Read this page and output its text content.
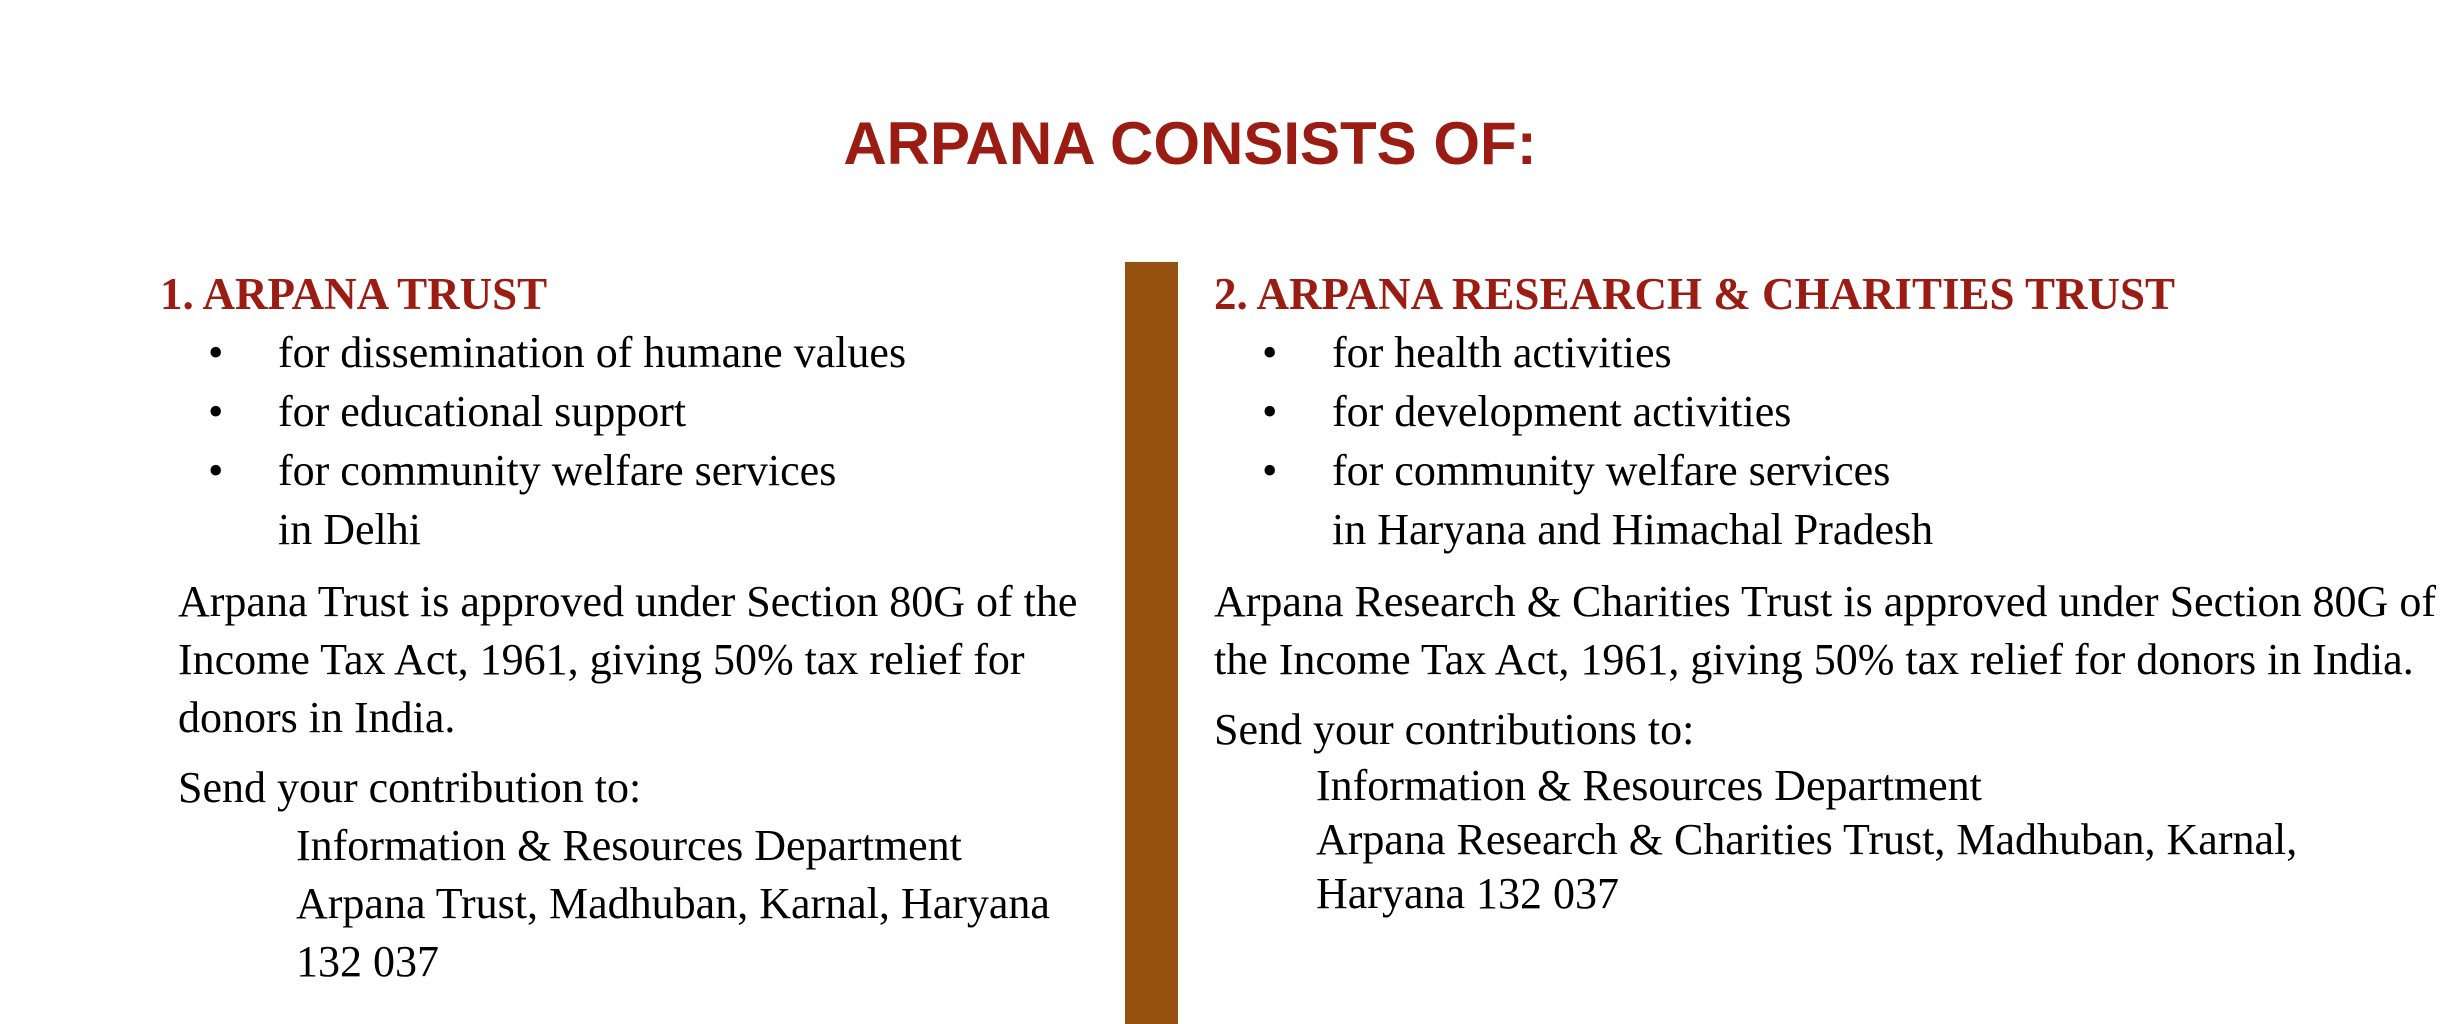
ARPANA CONSISTS OF:
1. ARPANA TRUST
• for dissemination of humane values
• for educational support
• for community welfare services
in Delhi

Arpana Trust is approved under Section 80G of the Income Tax Act, 1961, giving 50% tax relief for donors in India.

Send your contribution to:

Information & Resources Department
Arpana Trust, Madhuban, Karnal, Haryana
132 037
2. ARPANA RESEARCH & CHARITIES TRUST
• for health activities
• for development activities
• for community welfare services
in Haryana and Himachal Pradesh

Arpana Research & Charities Trust is approved under Section 80G of the Income Tax Act, 1961, giving 50% tax relief for donors in India.

Send your contributions to:

Information & Resources Department
Arpana Research & Charities Trust, Madhuban, Karnal,
Haryana 132 037
